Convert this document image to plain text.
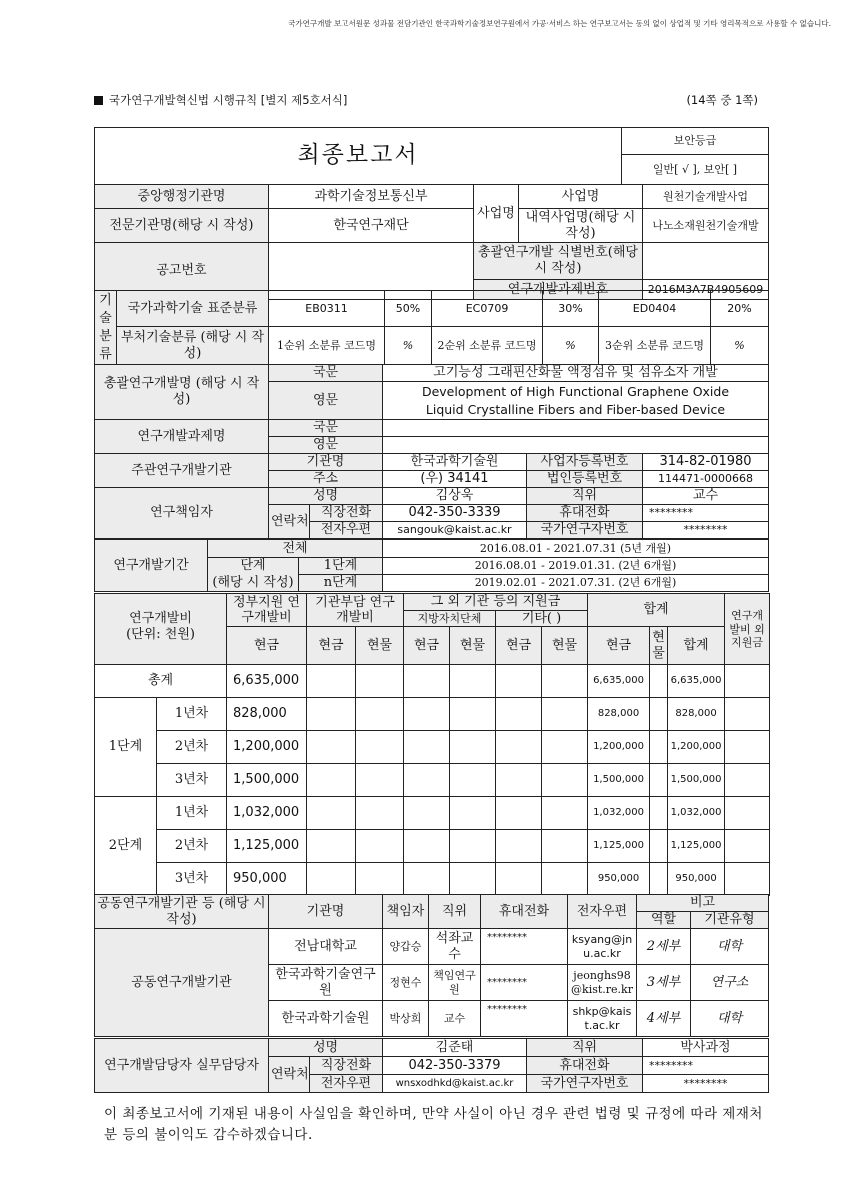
국가연구개발 보고서원문 성과물 전담기관인 한국과학기술정보연구원에서 가공·서비스 하는 연구보고서는 동의 없이 상업적 및 기타 영리목적으로 사용할 수 없습니다.
국가연구개발혁신법 시행규칙 [별지 제5호서식]	(14쪽 중 1쪽)
최종보고서	보안등급
일반[ √ ], 보안[ ]
중앙행정기관명	과학기술정보통신부	사업명	사업명	원천기술개발사업
전문기관명(해당 시 작성)	한국연구재단		내역사업명(해당 시 작성)	나노소재원천기술개발
공고번호		총괄연구개발 식별번호(해당 시 작성)		
		연구개발과제번호		2016M3A7B4905609
기
술
분
류	국가과학기술 표준분류	EB0311	50%	EC0709	30%	ED0404	20%
	부처기술분류 (해당 시 작성)	1순위 소분류 코드명	%	2순위 소분류 코드명	%	3순위 소분류 코드명	%
총괄연구개발명 (해당 시 작성)	국문	고기능성 그래핀산화물 액정섬유 및 섬유소자 개발
	영문	Development of High Functional Graphene Oxide
Liquid Crystalline Fibers and Fiber-based Device

연구개발과제명	국문	
	영문	
주관연구개발기관	기관명		한국과학기술원	사업자등록번호	314-82-01980
	주소		(우) 34141	법인등록번호	114471-0000668
연구책임자	성명		김상욱	직위	교수
	연락처	직장전화	042-350-3339	휴대전화	********
		전자우편	sangouk@kaist.ac.kr	국가연구자번호	********
연구개발기간	전체		2016.08.01 - 2021.07.31 (5년 개월)
	단계	1단계	2016.08.01 - 2019.01.31. (2년 6개월)
	(해당 시 작성)	n단계	2019.02.01 - 2021.07.31. (2년 6개월)
연구개발비		정부지원 연구개발비	기관부담 연구개발비		그 외 기관 등의 지원금				합계			연구개발비 외 지원금
					지방자치단체		기타( )					
(단위: 천원)		현금	현금	현물	현금	현물	현금	현물	현금	현물	합계	
총계		6,635,000							6,635,000		6,635,000	
1단계	1년차	828,000							828,000		828,000	
	2년차	1,200,000							1,200,000		1,200,000	
	3년차	1,500,000							1,500,000		1,500,000	
2단계	1년차	1,032,000							1,032,000		1,032,000	
	2년차	1,125,000							1,125,000		1,125,000	
	3년차	950,000							950,000		950,000	
공동연구개발기관 등 (해당 시 작성)	기관명	책임자	직위	휴대전화	전자우편	비고	
						역할	기관유형
공동연구개발기관	전남대학교	양갑승	석좌교수	********	ksyang@jnu.ac.kr	2세부	대학
	한국과학기술연구원	정현수	책임연구원	********	jeonghs98@kist.re.kr	3세부	연구소
	한국과학기술원	박상희	교수	********	shkp@kaist.ac.kr	4세부	대학
연구개발담당자 실무담당자	성명		김준태	직위	박사과정
	연락처	직장전화	042-350-3379	휴대전화	********
		전자우편	wnsxodhkd@kaist.ac.kr	국가연구자번호	********
이 최종보고서에 기재된 내용이 사실임을 확인하며, 만약 사실이 아닌 경우 관련 법령 및 규정에 따라 제재처분 등의 불이익도 감수하겠습니다.
